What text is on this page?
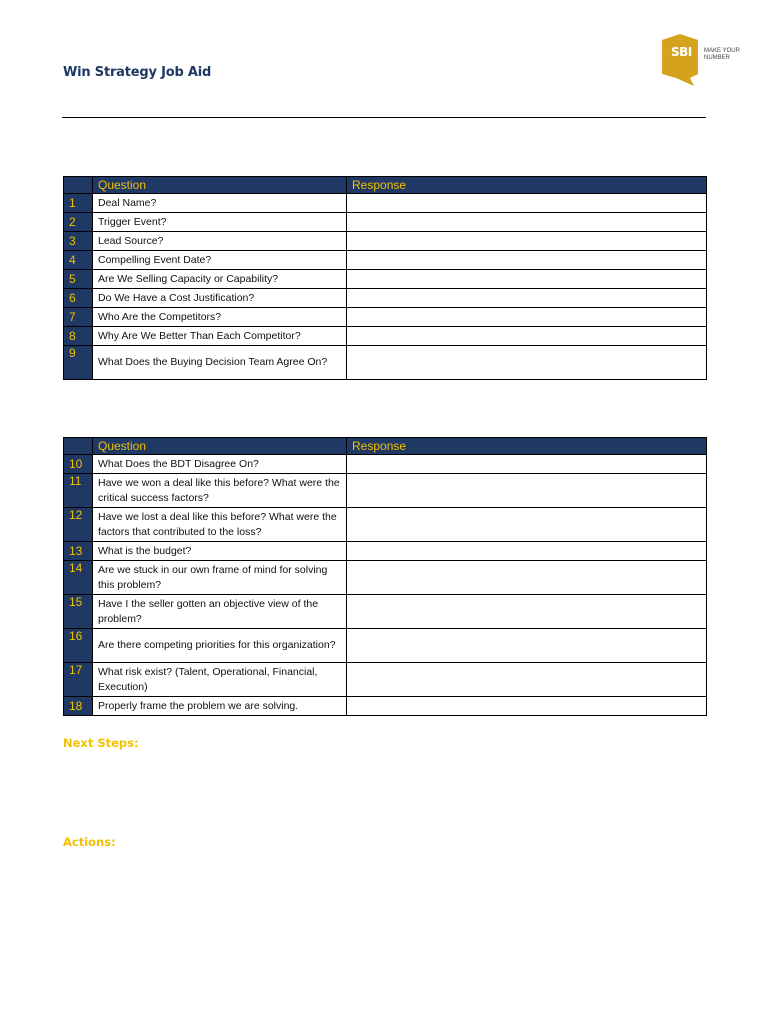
Win Strategy Job Aid
SBI MAKE YOUR NUMBER
	Question	Response
1	Deal Name?	
2	Trigger Event?	
3	Lead Source?	
4	Compelling Event Date?	
5	Are We Selling Capacity or Capability?	
6	Do We Have a Cost Justification?	
7	Who Are the Competitors?	
8	Why Are We Better Than Each Competitor?	
9	What Does the Buying Decision Team Agree On?	
	Question	Response
10	What Does the BDT Disagree On?	
11	Have we won a deal like this before? What were the critical success factors?	
12	Have we lost a deal like this before? What were the factors that contributed to the loss?	
13	What is the budget?	
14	Are we stuck in our own frame of mind for solving this problem?	
15	Have I the seller gotten an objective view of the problem?	
16	Are there competing priorities for this organization?	
17	What risk exist? (Talent, Operational, Financial, Execution)	
18	Properly frame the problem we are solving.	
Next Steps:
Actions:
